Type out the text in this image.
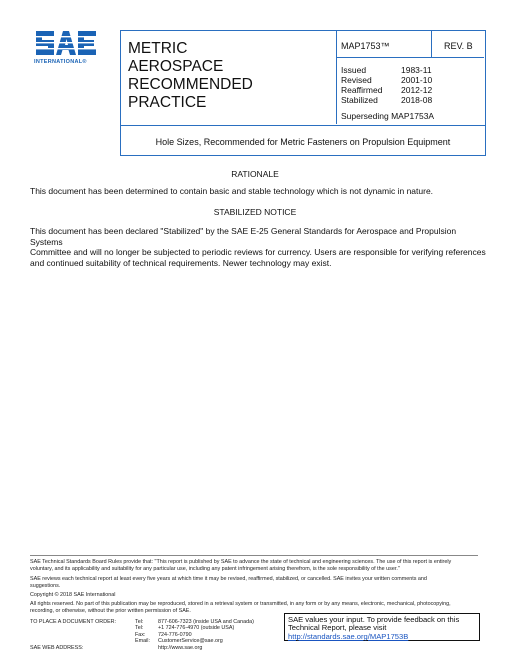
INTERNATIONAL®
METRIC
AEROSPACE
RECOMMENDED
PRACTICE
MAP1753™	REV. B
Issued	1983-11
Revised	2001-10
Reaffirmed	2012-12
Stabilized	2018-08
Superseding MAP1753A
Hole Sizes, Recommended for Metric Fasteners on Propulsion Equipment
RATIONALE
This document has been determined to contain basic and stable technology which is not dynamic in nature.
STABILIZED NOTICE
This document has been declared "Stabilized" by the SAE E-25 General Standards for Aerospace and Propulsion Systems
Committee and will no longer be subjected to periodic reviews for currency. Users are responsible for verifying references
and continued suitability of technical requirements. Newer technology may exist.
SAE Technical Standards Board Rules provide that: "This report is published by SAE to advance the state of technical and engineering sciences. The use of this report is entirely
voluntary, and its applicability and suitability for any particular use, including any patent infringement arising therefrom, is the sole responsibility of the user."
SAE reviews each technical report at least every five years at which time it may be revised, reaffirmed, stabilized, or cancelled. SAE invites your written comments and
suggestions.
Copyright © 2018 SAE International
All rights reserved. No part of this publication may be reproduced, stored in a retrieval system or transmitted, in any form or by any means, electronic, mechanical, photocopying,
recording, or otherwise, without the prior written permission of SAE.
TO PLACE A DOCUMENT ORDER:	Tel:	877-606-7323 (inside USA and Canada)
Tel:	+1 724-776-4970 (outside USA)
Fax:	724-776-0790
Email:	CustomerService@sae.org
SAE WEB ADDRESS:	http://www.sae.org
SAE values your input. To provide feedback on this
Technical Report, please visit
http://standards.sae.org/MAP1753B
